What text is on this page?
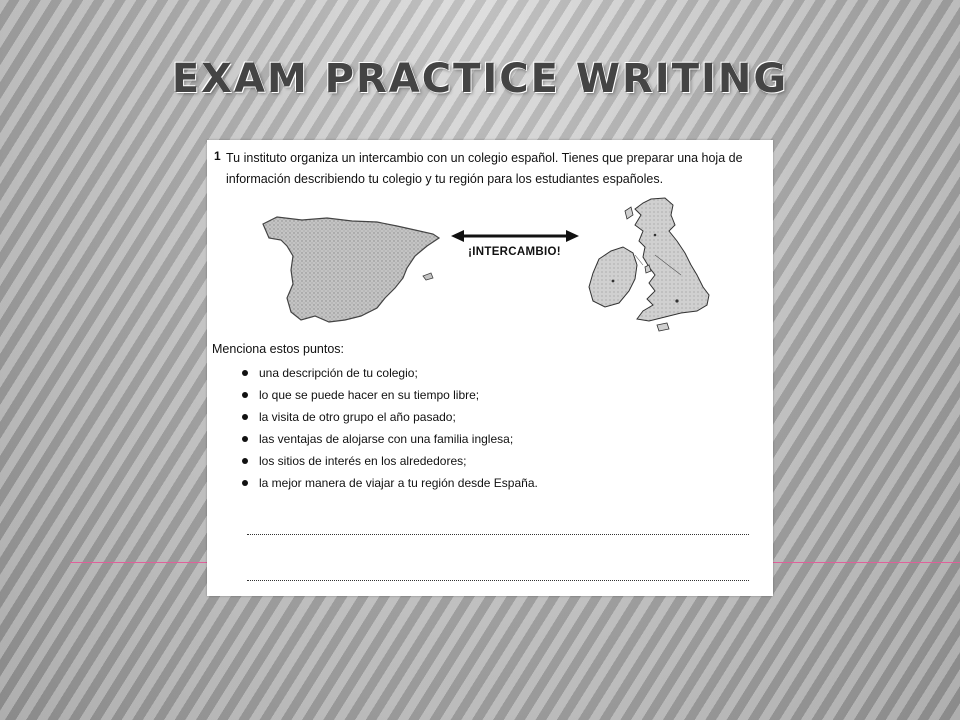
EXAM PRACTICE WRITING
1 Tu instituto organiza un intercambio con un colegio español. Tienes que preparar una hoja de información describiendo tu colegio y tu región para los estudiantes españoles.

¡INTERCAMBIO!
Menciona estos puntos:
una descripción de tu colegio;
lo que se puede hacer en su tiempo libre;
la visita de otro grupo el año pasado;
las ventajas de alojarse con una familia inglesa;
los sitios de interés en los alrededores;
la mejor manera de viajar a tu región desde España.
